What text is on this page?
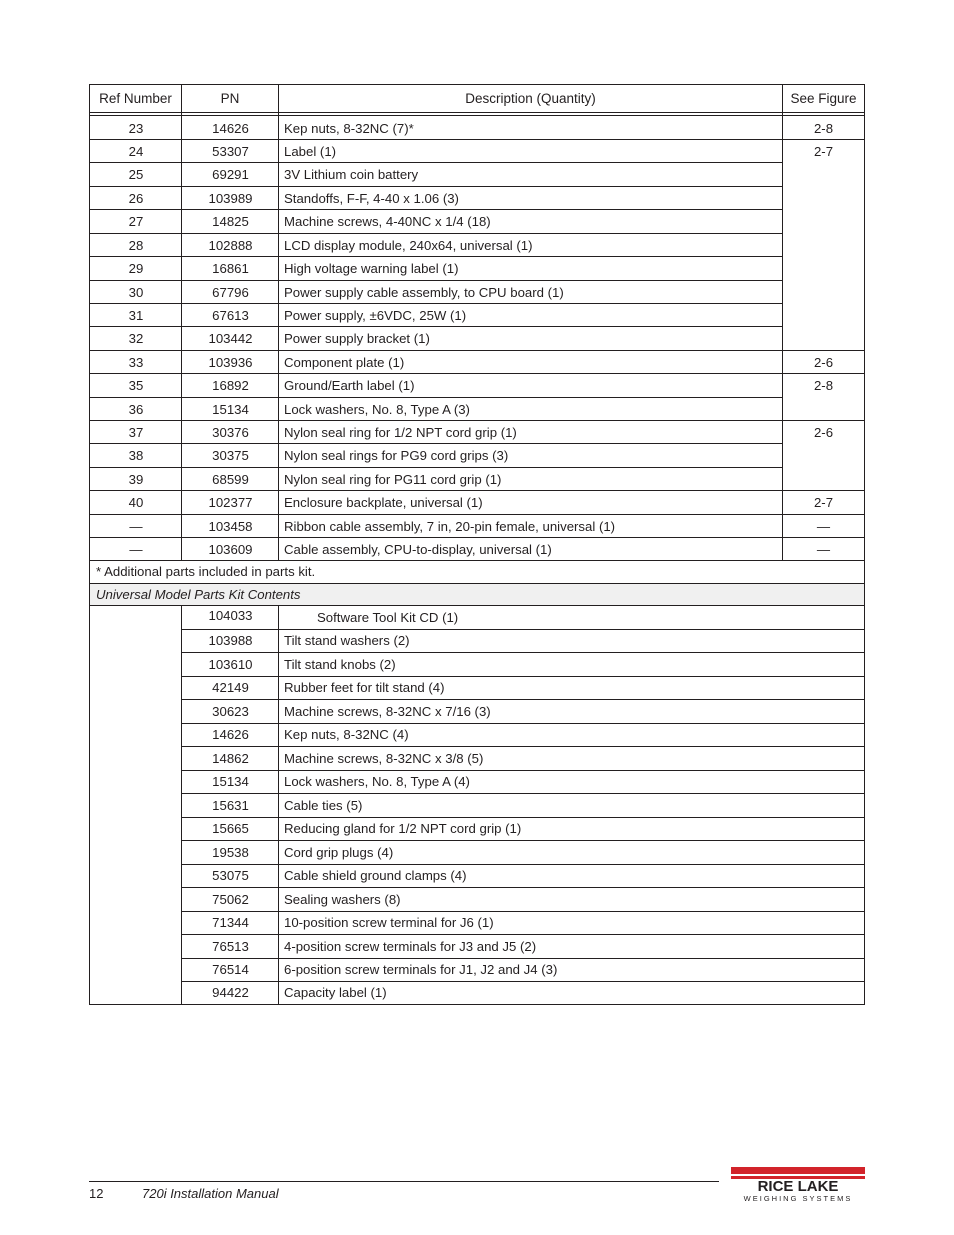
Ref Number	PN	Description (Quantity)	See Figure
23	14626	Kep nuts, 8-32NC (7)*	2-8
24	53307	Label (1)	2-7
25	69291	3V Lithium coin battery
26	103989	Standoffs, F-F, 4-40 x 1.06 (3)
27	14825	Machine screws, 4-40NC x 1/4 (18)
28	102888	LCD display module, 240x64, universal (1)
29	16861	High voltage warning label (1)
30	67796	Power supply cable assembly, to CPU board (1)
31	67613	Power supply, ±6VDC, 25W (1)
32	103442	Power supply bracket (1)
33	103936	Component plate (1)	2-6
35	16892	Ground/Earth label (1)	2-8
36	15134	Lock washers, No. 8, Type A (3)
37	30376	Nylon seal ring for 1/2 NPT cord grip (1)	2-6
38	30375	Nylon seal rings for PG9 cord grips (3)
39	68599	Nylon seal ring for PG11 cord grip (1)
40	102377	Enclosure backplate, universal (1)	2-7
—	103458	Ribbon cable assembly, 7 in, 20-pin female, universal (1)	—
—	103609	Cable assembly, CPU-to-display, universal (1)	—
* Additional parts included in parts kit.
Universal Model Parts Kit Contents
104033	Software Tool Kit CD (1)
103988	Tilt stand washers (2)
103610	Tilt stand knobs (2)
42149	Rubber feet for tilt stand (4)
30623	Machine screws, 8-32NC x 7/16 (3)
14626	Kep nuts, 8-32NC (4)
14862	Machine screws, 8-32NC x 3/8 (5)
15134	Lock washers, No. 8, Type A (4)
15631	Cable ties (5)
15665	Reducing gland for 1/2 NPT cord grip (1)
19538	Cord grip plugs (4)
53075	Cable shield ground clamps (4)
75062	Sealing washers (8)
71344	10-position screw terminal for J6 (1)
76513	4-position screw terminals for J3 and J5 (2)
76514	6-position screw terminals for J1, J2 and J4 (3)
94422	Capacity label (1)
12	720i Installation Manual	RICE LAKE
WEIGHING SYSTEMS
